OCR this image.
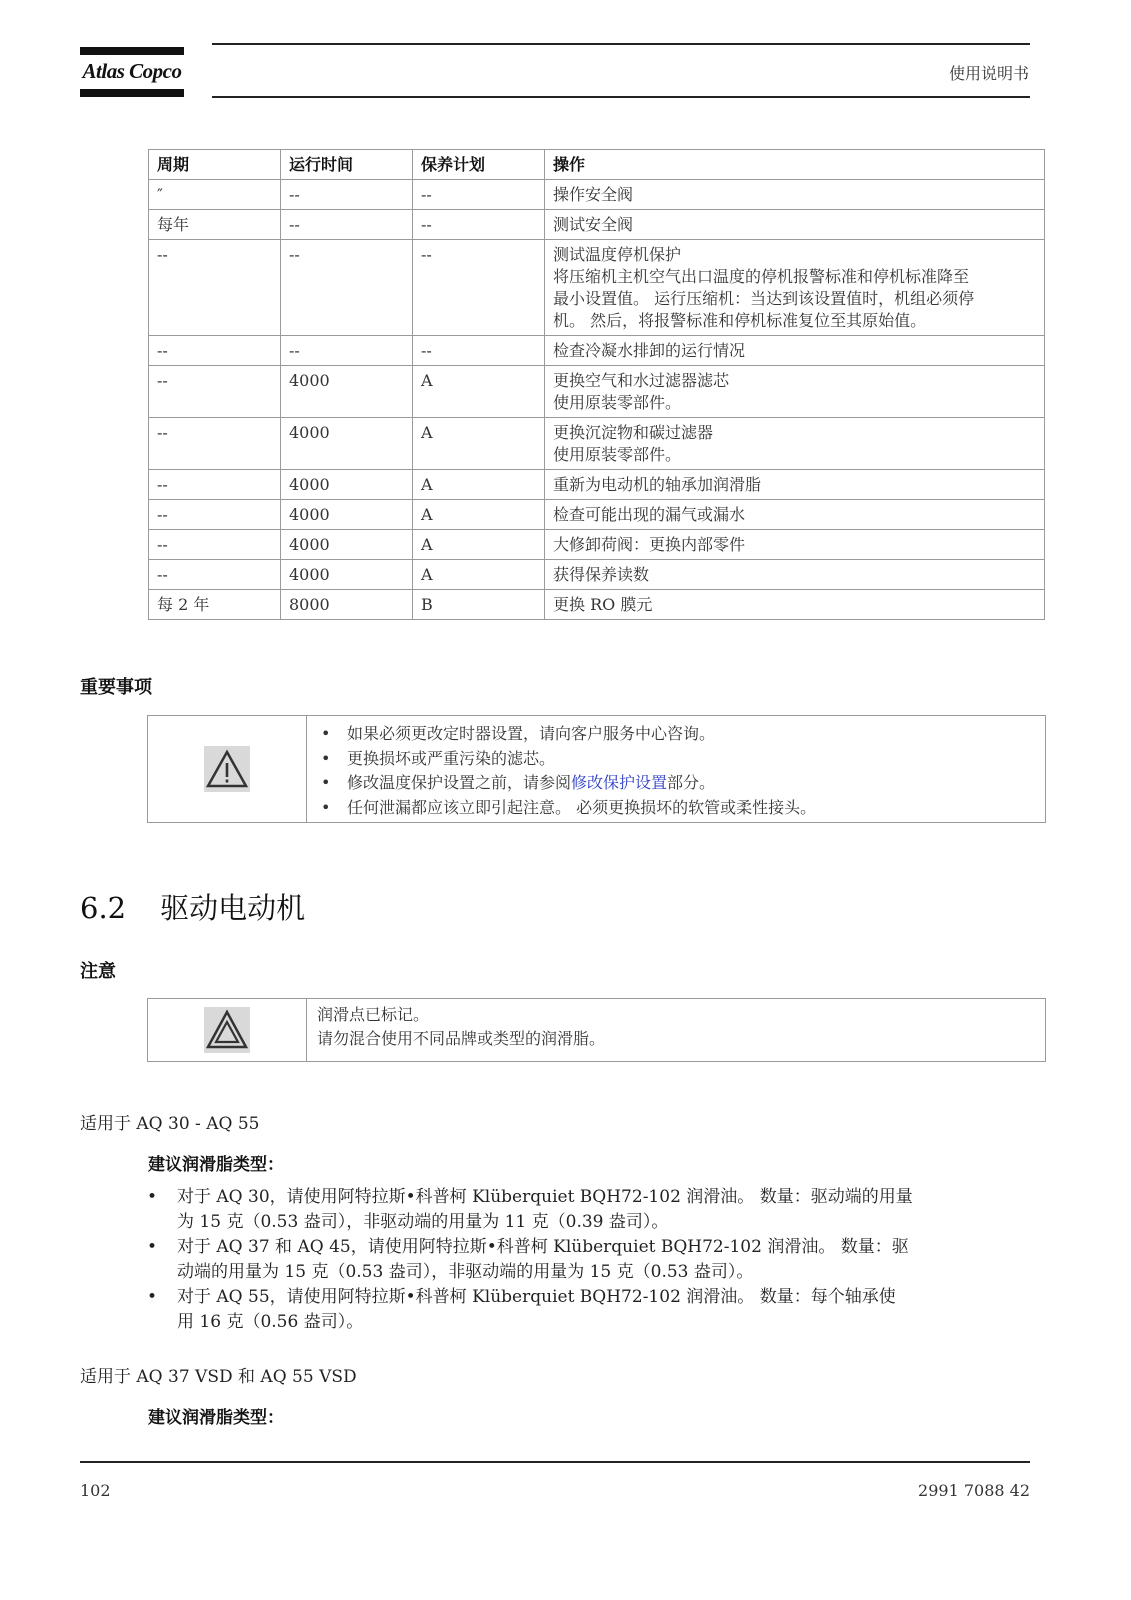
Atlas Copco	使用说明书
周期	运行时间	保养计划	操作
″	--	--	操作安全阀

每年	--	--	测试安全阀

--	--	--	测试温度停机保护
将压缩机主机空气出口温度的停机报警标准和停机标准降至
最小设置值。 运行压缩机：当达到该设置值时，机组必须停
机。 然后，将报警标准和停机标准复位至其原始值。

--	--	--	检查冷凝水排卸的运行情况

--	4000	A	更换空气和水过滤器滤芯
使用原装零部件。

--	4000	A	更换沉淀物和碳过滤器
使用原装零部件。

--	4000	A	重新为电动机的轴承加润滑脂

--	4000	A	检查可能出现的漏气或漏水

--	4000	A	大修卸荷阀：更换内部零件

--	4000	A	获得保养读数

每 2 年	8000	B	更换 RO 膜元
重要事项
• 如果必须更改定时器设置，请向客户服务中心咨询。
• 更换损坏或严重污染的滤芯。
• 修改温度保护设置之前，请参阅修改保护设置部分。
• 任何泄漏都应该立即引起注意。 必须更换损坏的软管或柔性接头。
6.2 驱动电动机
注意
润滑点已标记。
请勿混合使用不同品牌或类型的润滑脂。
适用于 AQ 30 - AQ 55
建议润滑脂类型：
• 对于 AQ 30，请使用阿特拉斯•科普柯 Klüberquiet BQH72-102 润滑油。 数量：驱动端的用量
为 15 克（0.53 盎司），非驱动端的用量为 11 克（0.39 盎司）。
• 对于 AQ 37 和 AQ 45，请使用阿特拉斯•科普柯 Klüberquiet BQH72-102 润滑油。 数量：驱
动端的用量为 15 克（0.53 盎司），非驱动端的用量为 15 克（0.53 盎司）。
• 对于 AQ 55，请使用阿特拉斯•科普柯 Klüberquiet BQH72-102 润滑油。 数量：每个轴承使
用 16 克（0.56 盎司）。
适用于 AQ 37 VSD 和 AQ 55 VSD
建议润滑脂类型：
102	2991 7088 42
